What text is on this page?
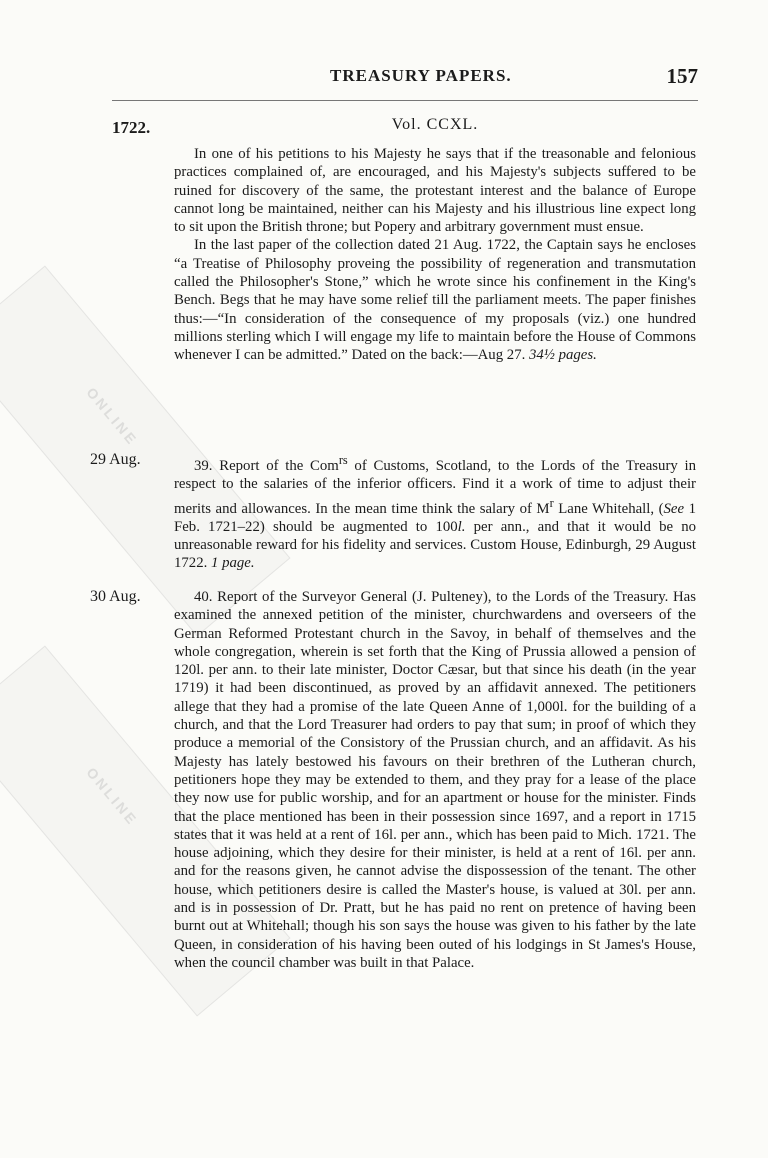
ONLINE
ONLINE
TREASURY PAPERS.	157
1722.	Vol. CCXL.

In one of his petitions to his Majesty he says that if the treasonable and felonious practices complained of, are encouraged, and his Majesty's subjects suffered to be ruined for discovery of the same, the protestant interest and the balance of Europe cannot long be maintained, neither can his Majesty and his illustrious line expect long to sit upon the British throne; but Popery and arbitrary government must ensue.

In the last paper of the collection dated 21 Aug. 1722, the Captain says he encloses “a Treatise of Philosophy proveing the possibility of regeneration and transmutation called the Philosopher's Stone,” which he wrote since his confinement in the King's Bench. Begs that he may have some relief till the parliament meets. The paper finishes thus:—“In consideration of the consequence of my proposals (viz.) one hundred millions sterling which I will engage my life to maintain before the House of Commons whenever I can be admitted.” Dated on the back:—Aug 27. 34½ pages.

29 Aug.	39. Report of the Com$^{rs}$ of Customs, Scotland, to the Lords of the Treasury in respect to the salaries of the inferior officers. Find it a work of time to adjust their merits and allowances. In the mean time think the salary of $M^r$ Lane Whitehall, (See 1 Feb. 1721–22) should be augmented to 100l. per ann., and that it would be no unreasonable reward for his fidelity and services. Custom House, Edinburgh, 29 August 1722. 1 page.

30 Aug.	40. Report of the Surveyor General (J. Pulteney), to the Lords of the Treasury. Has examined the annexed petition of the minister, churchwardens and overseers of the German Reformed Protestant church in the Savoy, in behalf of themselves and the whole congregation, wherein is set forth that the King of Prussia allowed a pension of 120l. per ann. to their late minister, Doctor Cæsar, but that since his death (in the year 1719) it had been discontinued, as proved by an affidavit annexed. The petitioners allege that they had a promise of the late Queen Anne of 1,000l. for the building of a church, and that the Lord Treasurer had orders to pay that sum; in proof of which they produce a memorial of the Consistory of the Prussian church, and an affidavit. As his Majesty has lately bestowed his favours on their brethren of the Lutheran church, petitioners hope they may be extended to them, and they pray for a lease of the place they now use for public worship, and for an apartment or house for the minister. Finds that the place mentioned has been in their possession since 1697, and a report in 1715 states that it was held at a rent of 16l. per ann., which has been paid to Mich. 1721. The house adjoining, which they desire for their minister, is held at a rent of 16l. per ann. and for the reasons given, he cannot advise the dispossession of the tenant. The other house, which petitioners desire is called the Master's house, is valued at 30l. per ann. and is in possession of Dr. Pratt, but he has paid no rent on pretence of having been burnt out at Whitehall; though his son says the house was given to his father by the late Queen, in consideration of his having been outed of his lodgings in St James's House, when the council chamber was built in that Palace.
